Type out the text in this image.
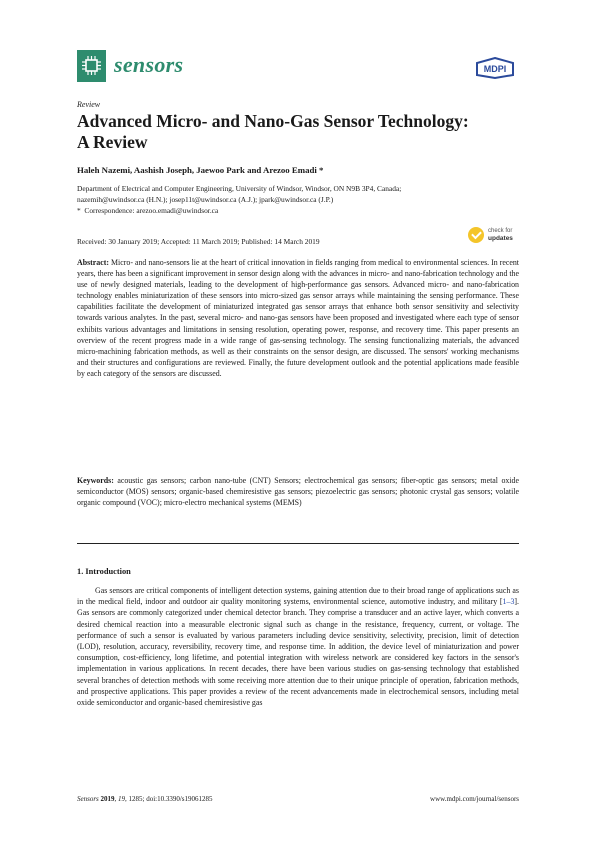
sensors	MDPI
Review
Advanced Micro- and Nano-Gas Sensor Technology:
A Review
Haleh Nazemi, Aashish Joseph, Jaewoo Park and Arezoo Emadi *

Department of Electrical and Computer Engineering, University of Windsor, Windsor, ON N9B 3P4, Canada;

nazemih@uwindsor.ca (H.N.); josep11t@uwindsor.ca (A.J.); jpark@uwindsor.ca (J.P.)

* Correspondence: arezoo.emadi@uwindsor.ca

Received: 30 January 2019; Accepted: 11 March 2019; Published: 14 March 2019
check for
updates

Abstract: Micro- and nano-sensors lie at the heart of critical innovation in fields ranging from medical to environmental sciences. In recent years, there has been a significant improvement in sensor design along with the advances in micro- and nano-fabrication technology and the use of newly designed materials, leading to the development of high-performance gas sensors. Advanced micro- and nano-fabrication technology enables miniaturization of these sensors into micro-sized gas sensor arrays while maintaining the sensing performance. These capabilities facilitate the development of miniaturized integrated gas sensor arrays that enhance both sensor sensitivity and selectivity towards various analytes. In the past, several micro- and nano-gas sensors have been proposed and investigated where each type of sensor exhibits various advantages and limitations in sensing resolution, operating power, response, and recovery time. This paper presents an overview of the recent progress made in a wide range of gas-sensing technology. The sensing functionalizing materials, the advanced micro-machining fabrication methods, as well as their constraints on the sensor design, are discussed. The sensors' working mechanisms and their structures and configurations are reviewed. Finally, the future development outlook and the potential applications made feasible by each category of the sensors are discussed.

Keywords: acoustic gas sensors; carbon nano-tube (CNT) Sensors; electrochemical gas sensors; fiber-optic gas sensors; metal oxide semiconductor (MOS) sensors; organic-based chemiresistive gas sensors; piezoelectric gas sensors; photonic crystal gas sensors; volatile organic compound (VOC); micro-electro mechanical systems (MEMS)

1. Introduction

Gas sensors are critical components of intelligent detection systems, gaining attention due to their broad range of applications such as in the medical field, indoor and outdoor air quality monitoring systems, environmental science, automotive industry, and military [1–3]. Gas sensors are commonly categorized under chemical detector branch. They comprise a transducer and an active layer, which converts a desired chemical reaction into a measurable electronic signal such as change in the resistance, frequency, current, or voltage. The performance of such a sensor is evaluated by various parameters including device sensitivity, selectivity, precision, limit of detection (LOD), resolution, accuracy, reversibility, recovery time, and response time. In addition, the device level of miniaturization and power consumption, cost-efficiency, long lifetime, and potential integration with wireless network are considered key factors in the sensor's implementation in various applications. In recent decades, there have been various studies on gas-sensing technology that established several branches of detection methods with some receiving more attention due to their unique principle of operation, fabrication methods, and prospective applications. This paper provides a review of the recent advancements made in electrochemical sensors, including metal oxide semiconductor and organic-based chemiresistive gas

Sensors 2019, 19, 1285; doi:10.3390/s19061285	www.mdpi.com/journal/sensors
